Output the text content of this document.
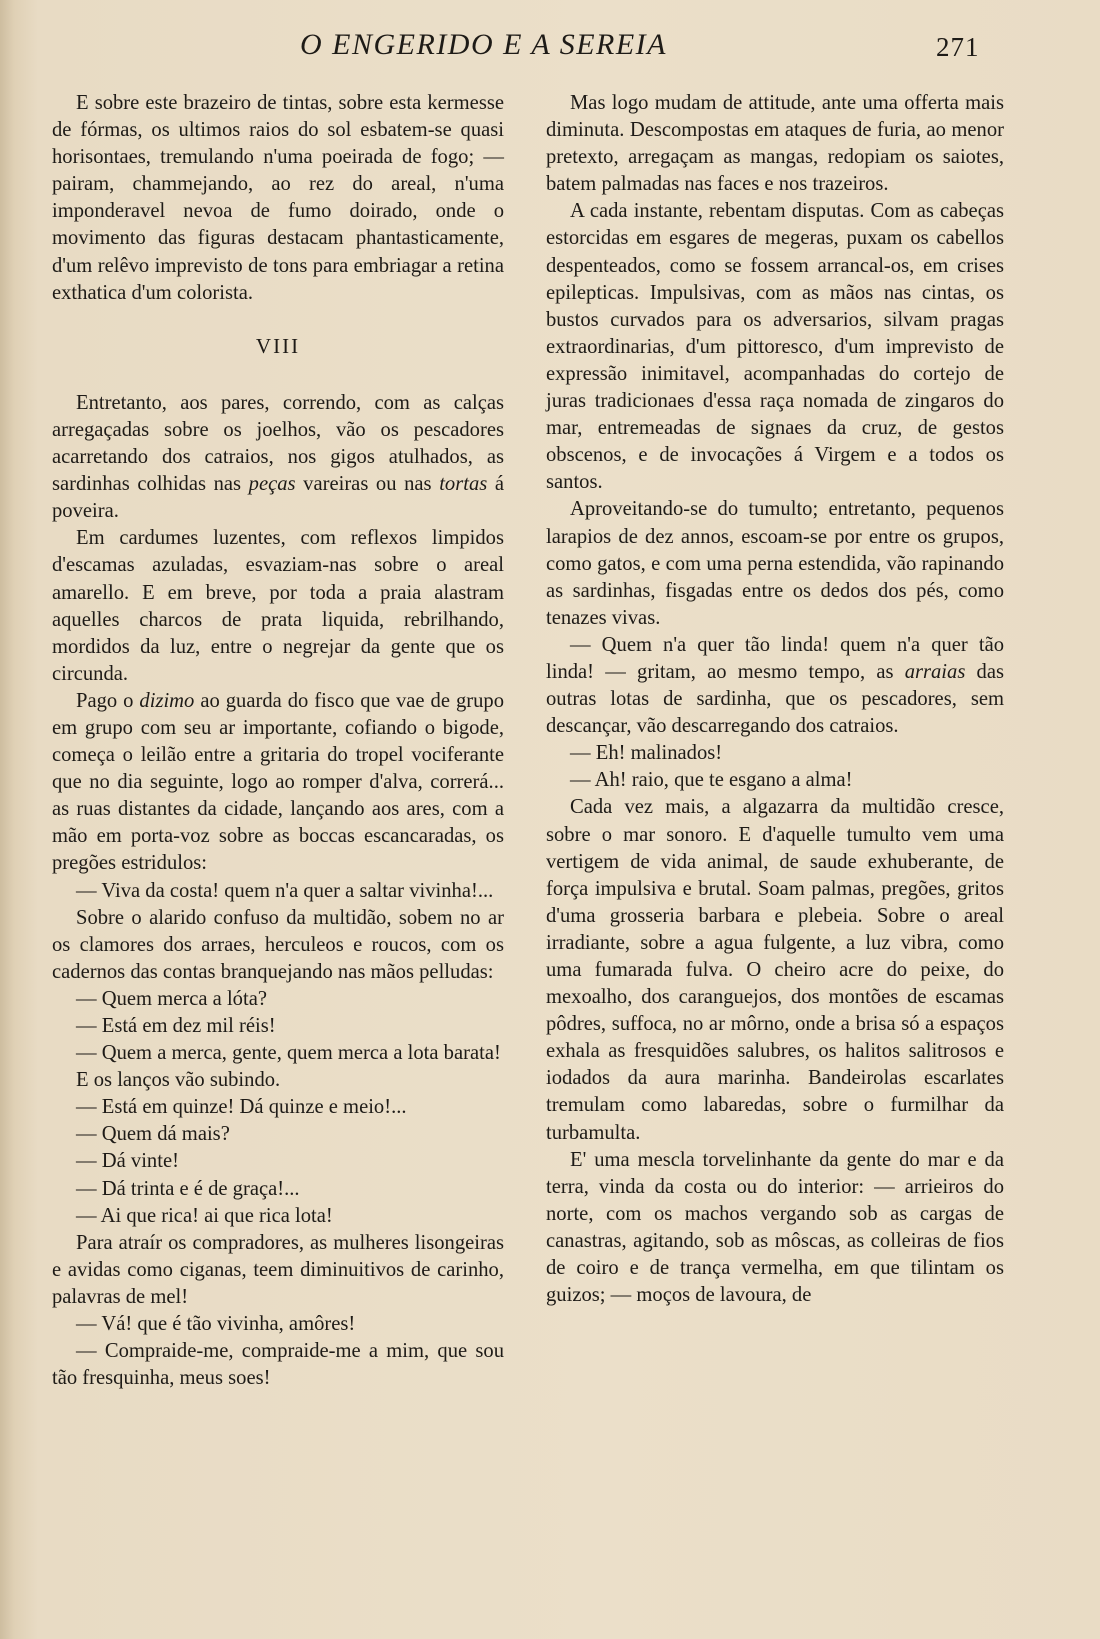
O ENGERIDO E A SEREIA	271

E sobre este brazeiro de tintas, sobre esta kermesse de fórmas, os ultimos raios do sol esbatem-se quasi horisontaes, tremulando n'uma poeirada de fogo; — pairam, chammejando, ao rez do areal, n'uma imponderavel nevoa de fumo doirado, onde o movimento das figuras destacam phantasticamente, d'um relêvo imprevisto de tons para embriagar a retina exthatica d'um colorista.

VIII

Entretanto, aos pares, correndo, com as calças arregaçadas sobre os joelhos, vão os pescadores acarretando dos catraios, nos gigos atulhados, as sardinhas colhidas nas peças vareiras ou nas tortas á poveira.

Em cardumes luzentes, com reflexos limpidos d'escamas azuladas, esvaziam-nas sobre o areal amarello. E em breve, por toda a praia alastram aquelles charcos de prata liquida, rebrilhando, mordidos da luz, entre o negrejar da gente que os circunda.

Pago o dizimo ao guarda do fisco que vae de grupo em grupo com seu ar importante, cofiando o bigode, começa o leilão entre a gritaria do tropel vociferante que no dia seguinte, logo ao romper d'alva, correrá... as ruas distantes da cidade, lançando aos ares, com a mão em porta-voz sobre as boccas escancaradas, os pregões estridulos:

— Viva da costa! quem n'a quer a saltar vivinha!...

Sobre o alarido confuso da multidão, sobem no ar os clamores dos arraes, herculeos e roucos, com os cadernos das contas branquejando nas mãos pelludas:

— Quem merca a lóta?

— Está em dez mil réis!

— Quem a merca, gente, quem merca a lota barata!

E os lanços vão subindo.

— Está em quinze! Dá quinze e meio!...

— Quem dá mais?

— Dá vinte!

— Dá trinta e é de graça!...

— Ai que rica! ai que rica lota!

Para atraír os compradores, as mulheres lisongeiras e avidas como ciganas, teem diminuitivos de carinho, palavras de mel!

— Vá! que é tão vivinha, amôres!

— Compraide-me, compraide-me a mim, que sou tão fresquinha, meus soes!

Mas logo mudam de attitude, ante uma offerta mais diminuta. Descompostas em ataques de furia, ao menor pretexto, arregaçam as mangas, redopiam os saiotes, batem palmadas nas faces e nos trazeiros.

A cada instante, rebentam disputas. Com as cabeças estorcidas em esgares de megeras, puxam os cabellos despenteados, como se fossem arrancal-os, em crises epilepticas. Impulsivas, com as mãos nas cintas, os bustos curvados para os adversarios, silvam pragas extraordinarias, d'um pittoresco, d'um imprevisto de expressão inimitavel, acompanhadas do cortejo de juras tradicionaes d'essa raça nomada de zingaros do mar, entremeadas de signaes da cruz, de gestos obscenos, e de invocações á Virgem e a todos os santos.

Aproveitando-se do tumulto; entretanto, pequenos larapios de dez annos, escoam-se por entre os grupos, como gatos, e com uma perna estendida, vão rapinando as sardinhas, fisgadas entre os dedos dos pés, como tenazes vivas.

— Quem n'a quer tão linda! quem n'a quer tão linda! — gritam, ao mesmo tempo, as arraias das outras lotas de sardinha, que os pescadores, sem descançar, vão descarregando dos catraios.

— Eh! malinados!

— Ah! raio, que te esgano a alma!

Cada vez mais, a algazarra da multidão cresce, sobre o mar sonoro. E d'aquelle tumulto vem uma vertigem de vida animal, de saude exhuberante, de força impulsiva e brutal. Soam palmas, pregões, gritos d'uma grosseria barbara e plebeia. Sobre o areal irradiante, sobre a agua fulgente, a luz vibra, como uma fumarada fulva. O cheiro acre do peixe, do mexoalho, dos caranguejos, dos montões de escamas pôdres, suffoca, no ar môrno, onde a brisa só a espaços exhala as fresquidões salubres, os halitos salitrosos e iodados da aura marinha. Bandeirolas escarlates tremulam como labaredas, sobre o furmilhar da turbamulta.

E' uma mescla torvelinhante da gente do mar e da terra, vinda da costa ou do interior: — arrieiros do norte, com os machos vergando sob as cargas de canastras, agitando, sob as môscas, as colleiras de fios de coiro e de trança vermelha, em que tilintam os guizos; — moços de lavoura, de
